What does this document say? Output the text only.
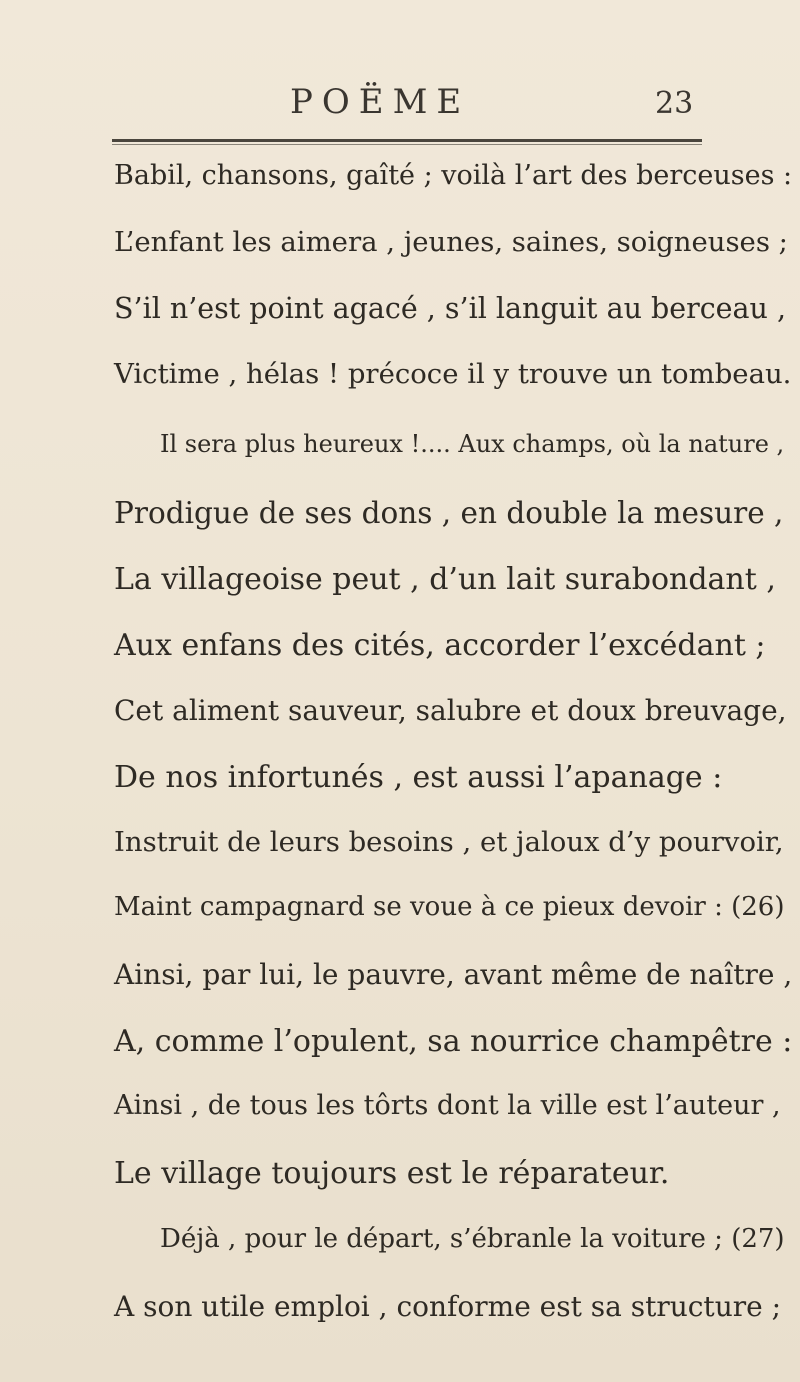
POËME	23
Babil, chansons, gaîté ; voilà l’art des berceuses :
L’enfant les aimera , jeunes, saines, soigneuses ;
S’il n’est point agacé , s’il languit au berceau ,
Victime , hélas ! précoce il y trouve un tombeau.
Il sera plus heureux !.... Aux champs, où la nature ,
Prodigue de ses dons , en double la mesure ,
La villageoise peut , d’un lait surabondant ,
Aux enfans des cités, accorder l’excédant ;
Cet aliment sauveur, salubre et doux breuvage,
De nos infortunés , est aussi l’apanage :
Instruit de leurs besoins , et jaloux d’y pourvoir,
Maint campagnard se voue à ce pieux devoir : (26)
Ainsi, par lui, le pauvre, avant même de naître ,
A, comme l’opulent, sa nourrice champêtre :
Ainsi , de tous les tôrts dont la ville est l’auteur ,
Le village toujours est le réparateur.
Déjà , pour le départ, s’ébranle la voiture ; (27)
A son utile emploi , conforme est sa structure ;
